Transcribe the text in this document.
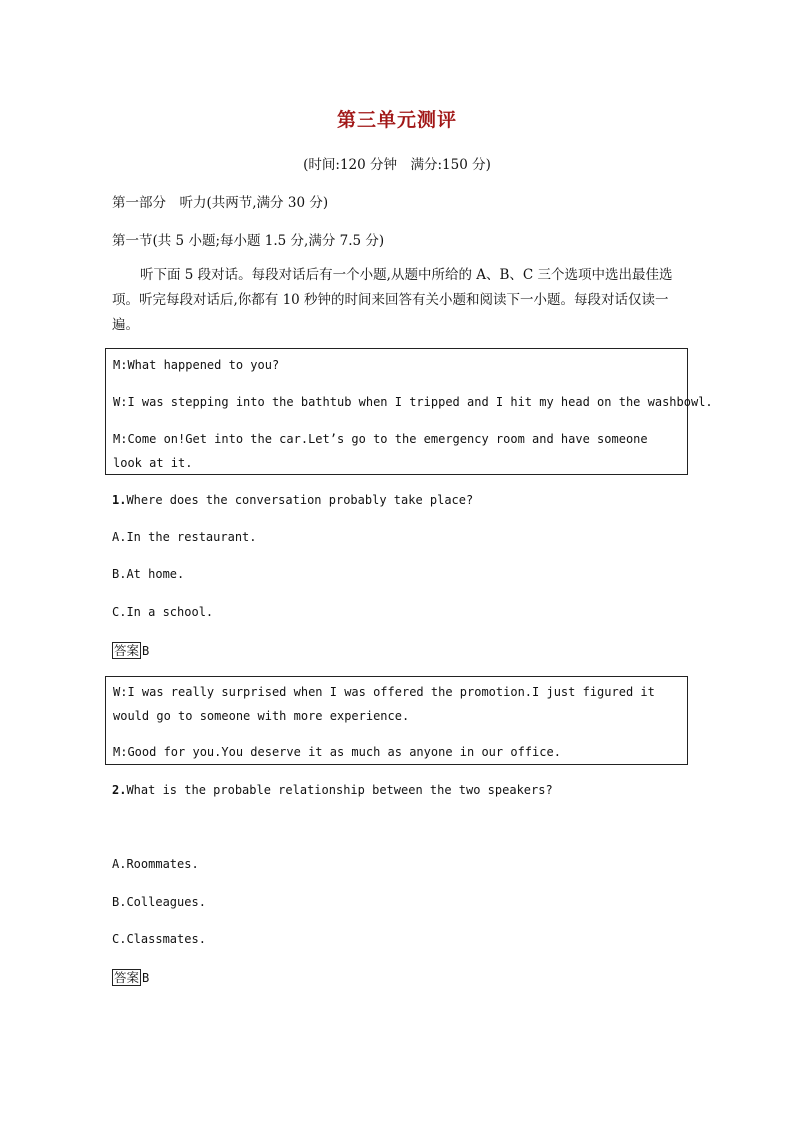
第三单元测评
(时间:120 分钟　满分:150 分)
第一部分　听力(共两节,满分 30 分)
第一节(共 5 小题;每小题 1.5 分,满分 7.5 分)
听下面 5 段对话。每段对话后有一个小题,从题中所给的 A、B、C 三个选项中选出最佳选项。听完每段对话后,你都有 10 秒钟的时间来回答有关小题和阅读下一小题。每段对话仅读一遍。
M:What happened to you?
W:I was stepping into the bathtub when I tripped and I hit my head on the washbowl.
M:Come on!Get into the car.Let’s go to the emergency room and have someone look at it.
1.Where does the conversation probably take place?
A.In the restaurant.
B.At home.
C.In a school.
答案 B
W:I was really surprised when I was offered the promotion.I just figured it would go to someone with more experience.
M:Good for you.You deserve it as much as anyone in our office.
2.What is the probable relationship between the two speakers?
A.Roommates.
B.Colleagues.
C.Classmates.
答案 B
